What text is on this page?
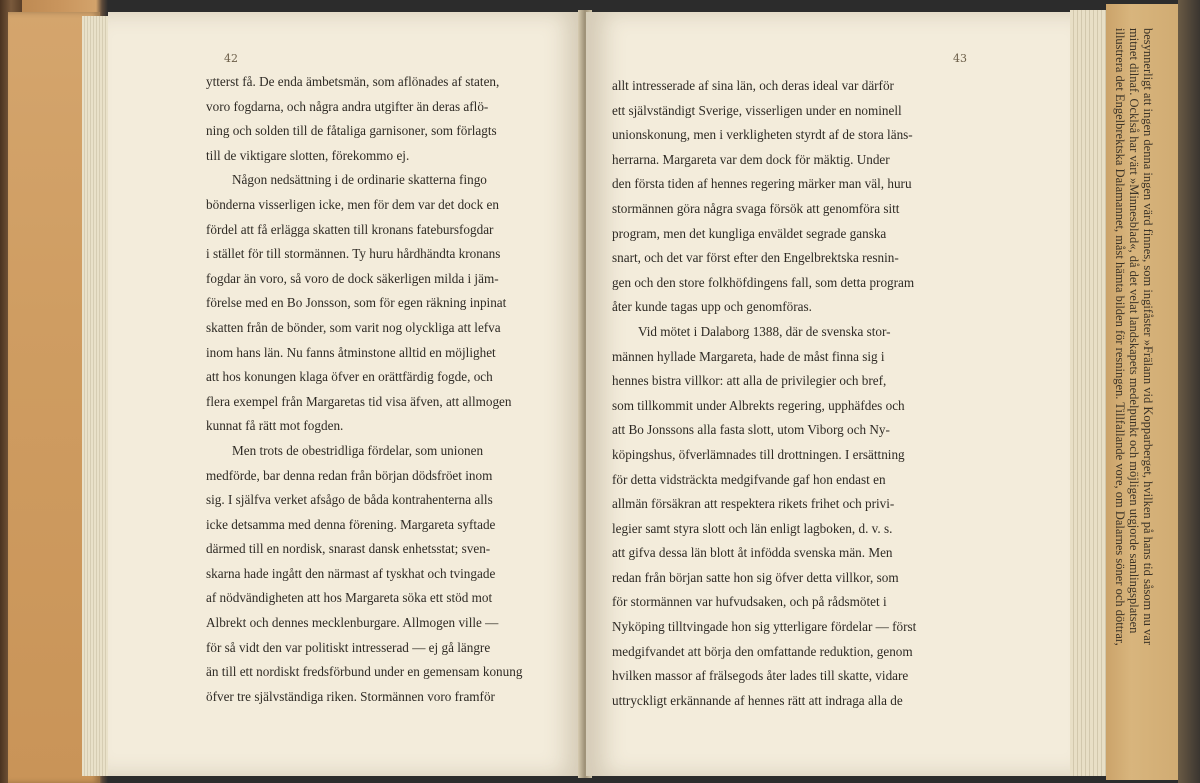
42
ytterst få. De enda ämbetsmän, som aflönades af staten,
voro fogdarna, och några andra utgifter än deras aflö-
ning och solden till de fåtaliga garnisoner, som förlagts
till de viktigare slotten, förekommo ej.
Någon nedsättning i de ordinarie skatterna fingo
bönderna visserligen icke, men för dem var det dock en
fördel att få erlägga skatten till kronans fatebursfogdar
i stället för till stormännen. Ty huru hårdhändta kronans
fogdar än voro, så voro de dock säkerligen milda i jäm-
förelse med en Bo Jonsson, som för egen räkning inpinat
skatten från de bönder, som varit nog olyckliga att lefva
inom hans län. Nu fanns åtminstone alltid en möjlighet
att hos konungen klaga öfver en orättfärdig fogde, och
flera exempel från Margaretas tid visa äfven, att allmogen
kunnat få rätt mot fogden.
Men trots de obestridliga fördelar, som unionen
medförde, bar denna redan från början dödsfröet inom
sig. I själfva verket afsågo de båda kontrahenterna alls
icke detsamma med denna förening. Margareta syftade
därmed till en nordisk, snarast dansk enhetsstat; sven-
skarna hade ingått den närmast af tyskhat och tvingade
af nödvändigheten att hos Margareta söka ett stöd mot
Albrekt och dennes mecklenburgare. Allmogen ville —
för så vidt den var politiskt intresserad — ej gå längre
än till ett nordiskt fredsförbund under en gemensam konung
öfver tre självständiga riken. Stormännen voro framför
43
allt intresserade af sina län, och deras ideal var därför
ett självständigt Sverige, visserligen under en nominell
unionskonung, men i verkligheten styrdt af de stora läns-
herrarna. Margareta var dem dock för mäktig. Under
den första tiden af hennes regering märker man väl, huru
stormännen göra några svaga försök att genomföra sitt
program, men det kungliga enväldet segrade ganska
snart, och det var först efter den Engelbrektska resnin-
gen och den store folkhöfdingens fall, som detta program
åter kunde tagas upp och genomföras.
Vid mötet i Dalaborg 1388, där de svenska stor-
männen hyllade Margareta, hade de måst finna sig i
hennes bistra villkor: att alla de privilegier och bref,
som tillkommit under Albrekts regering, upphäfdes och
att Bo Jonssons alla fasta slott, utom Viborg och Ny-
köpingshus, öfverlämnades till drottningen. I ersättning
för detta vidsträckta medgifvande gaf hon endast en
allmän försäkran att respektera rikets frihet och privi-
legier samt styra slott och län enligt lagboken, d. v. s.
att gifva dessa län blott åt infödda svenska män. Men
redan från början satte hon sig öfver detta villkor, som
för stormännen var hufvudsaken, och på rådsmötet i
Nyköping tilltvingade hon sig ytterligare fördelar — först
medgifvandet att börja den omfattande reduktion, genom
hvilken massor af frälsegods åter lades till skatte, vidare
uttryckligt erkännande af hennes rätt att indraga alla de
besynnerligt att ingen denna ingen värd finnes, som ingifåster »Frälann vid Kopparberget, hvilken på hans tid såsom nu var
mitnet dilnaf. Ocklså har värt »Minnesblad«, då det velat landskapets medelpunkt och möjligen utgjorde samlingsplatsen
illustrera det Engelbrektska Dalamannet, måst hämta bilden för resningen. Tillfallande vore, om Dalarnes söner och döttrar,
